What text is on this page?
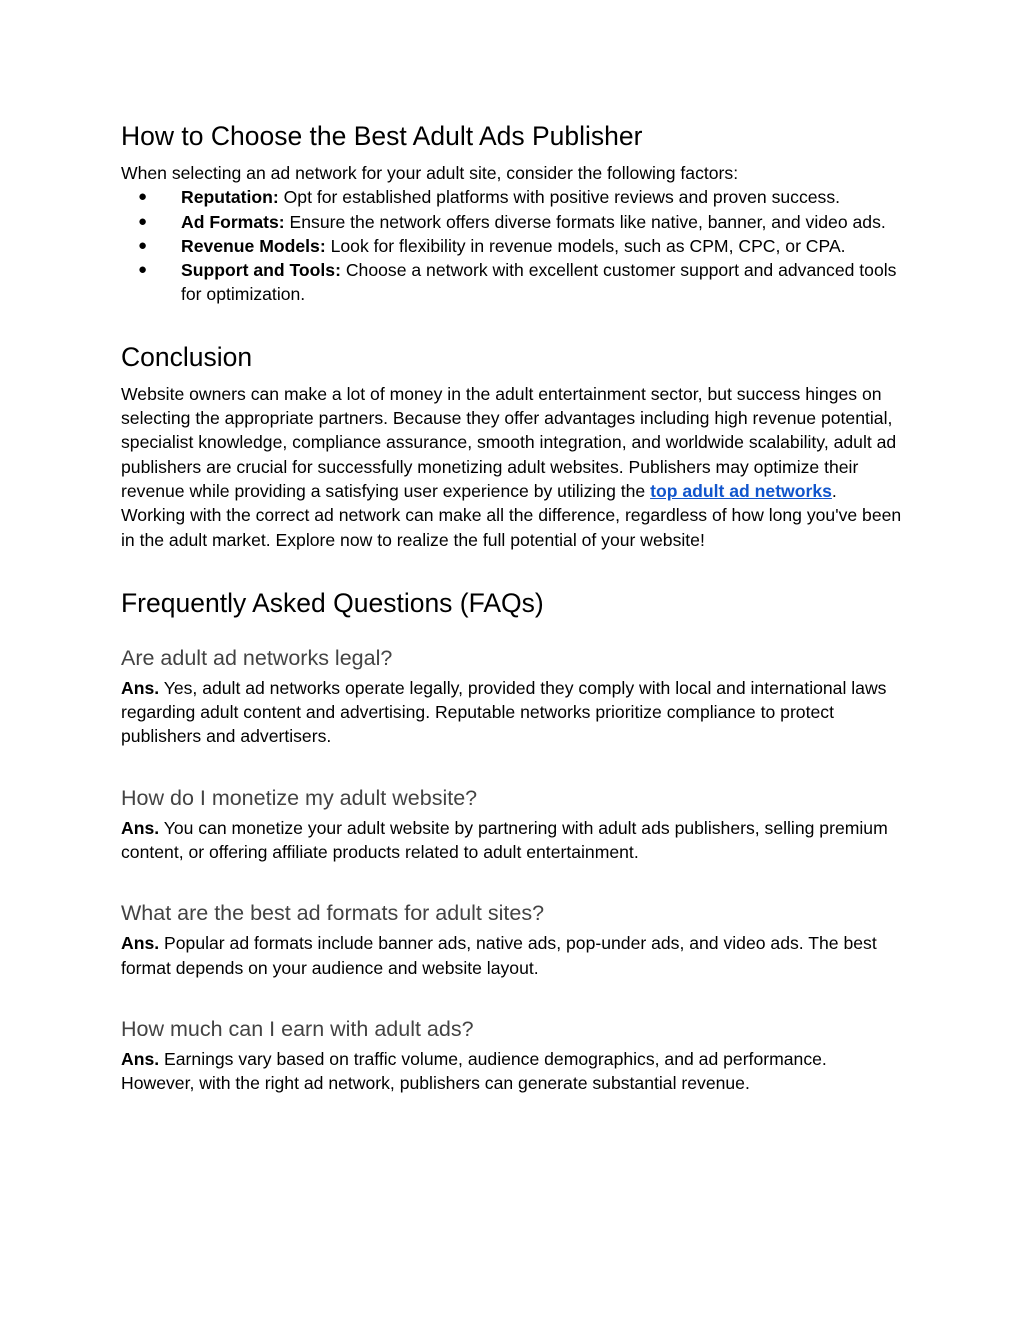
How to Choose the Best Adult Ads Publisher

When selecting an ad network for your adult site, consider the following factors:

● Reputation: Opt for established platforms with positive reviews and proven success.
● Ad Formats: Ensure the network offers diverse formats like native, banner, and video ads.
● Revenue Models: Look for flexibility in revenue models, such as CPM, CPC, or CPA.
● Support and Tools: Choose a network with excellent customer support and advanced tools for optimization.
Conclusion

Website owners can make a lot of money in the adult entertainment sector, but success hinges on selecting the appropriate partners. Because they offer advantages including high revenue potential, specialist knowledge, compliance assurance, smooth integration, and worldwide scalability, adult ad publishers are crucial for successfully monetizing adult websites. Publishers may optimize their revenue while providing a satisfying user experience by utilizing the top adult ad networks.

Working with the correct ad network can make all the difference, regardless of how long you've been in the adult market. Explore now to realize the full potential of your website!

Frequently Asked Questions (FAQs)
Are adult ad networks legal?

Ans. Yes, adult ad networks operate legally, provided they comply with local and international laws regarding adult content and advertising. Reputable networks prioritize compliance to protect publishers and advertisers.

How do I monetize my adult website?

Ans. You can monetize your adult website by partnering with adult ads publishers, selling premium content, or offering affiliate products related to adult entertainment.

What are the best ad formats for adult sites?

Ans. Popular ad formats include banner ads, native ads, pop-under ads, and video ads. The best format depends on your audience and website layout.

How much can I earn with adult ads?

Ans. Earnings vary based on traffic volume, audience demographics, and ad performance. However, with the right ad network, publishers can generate substantial revenue.
